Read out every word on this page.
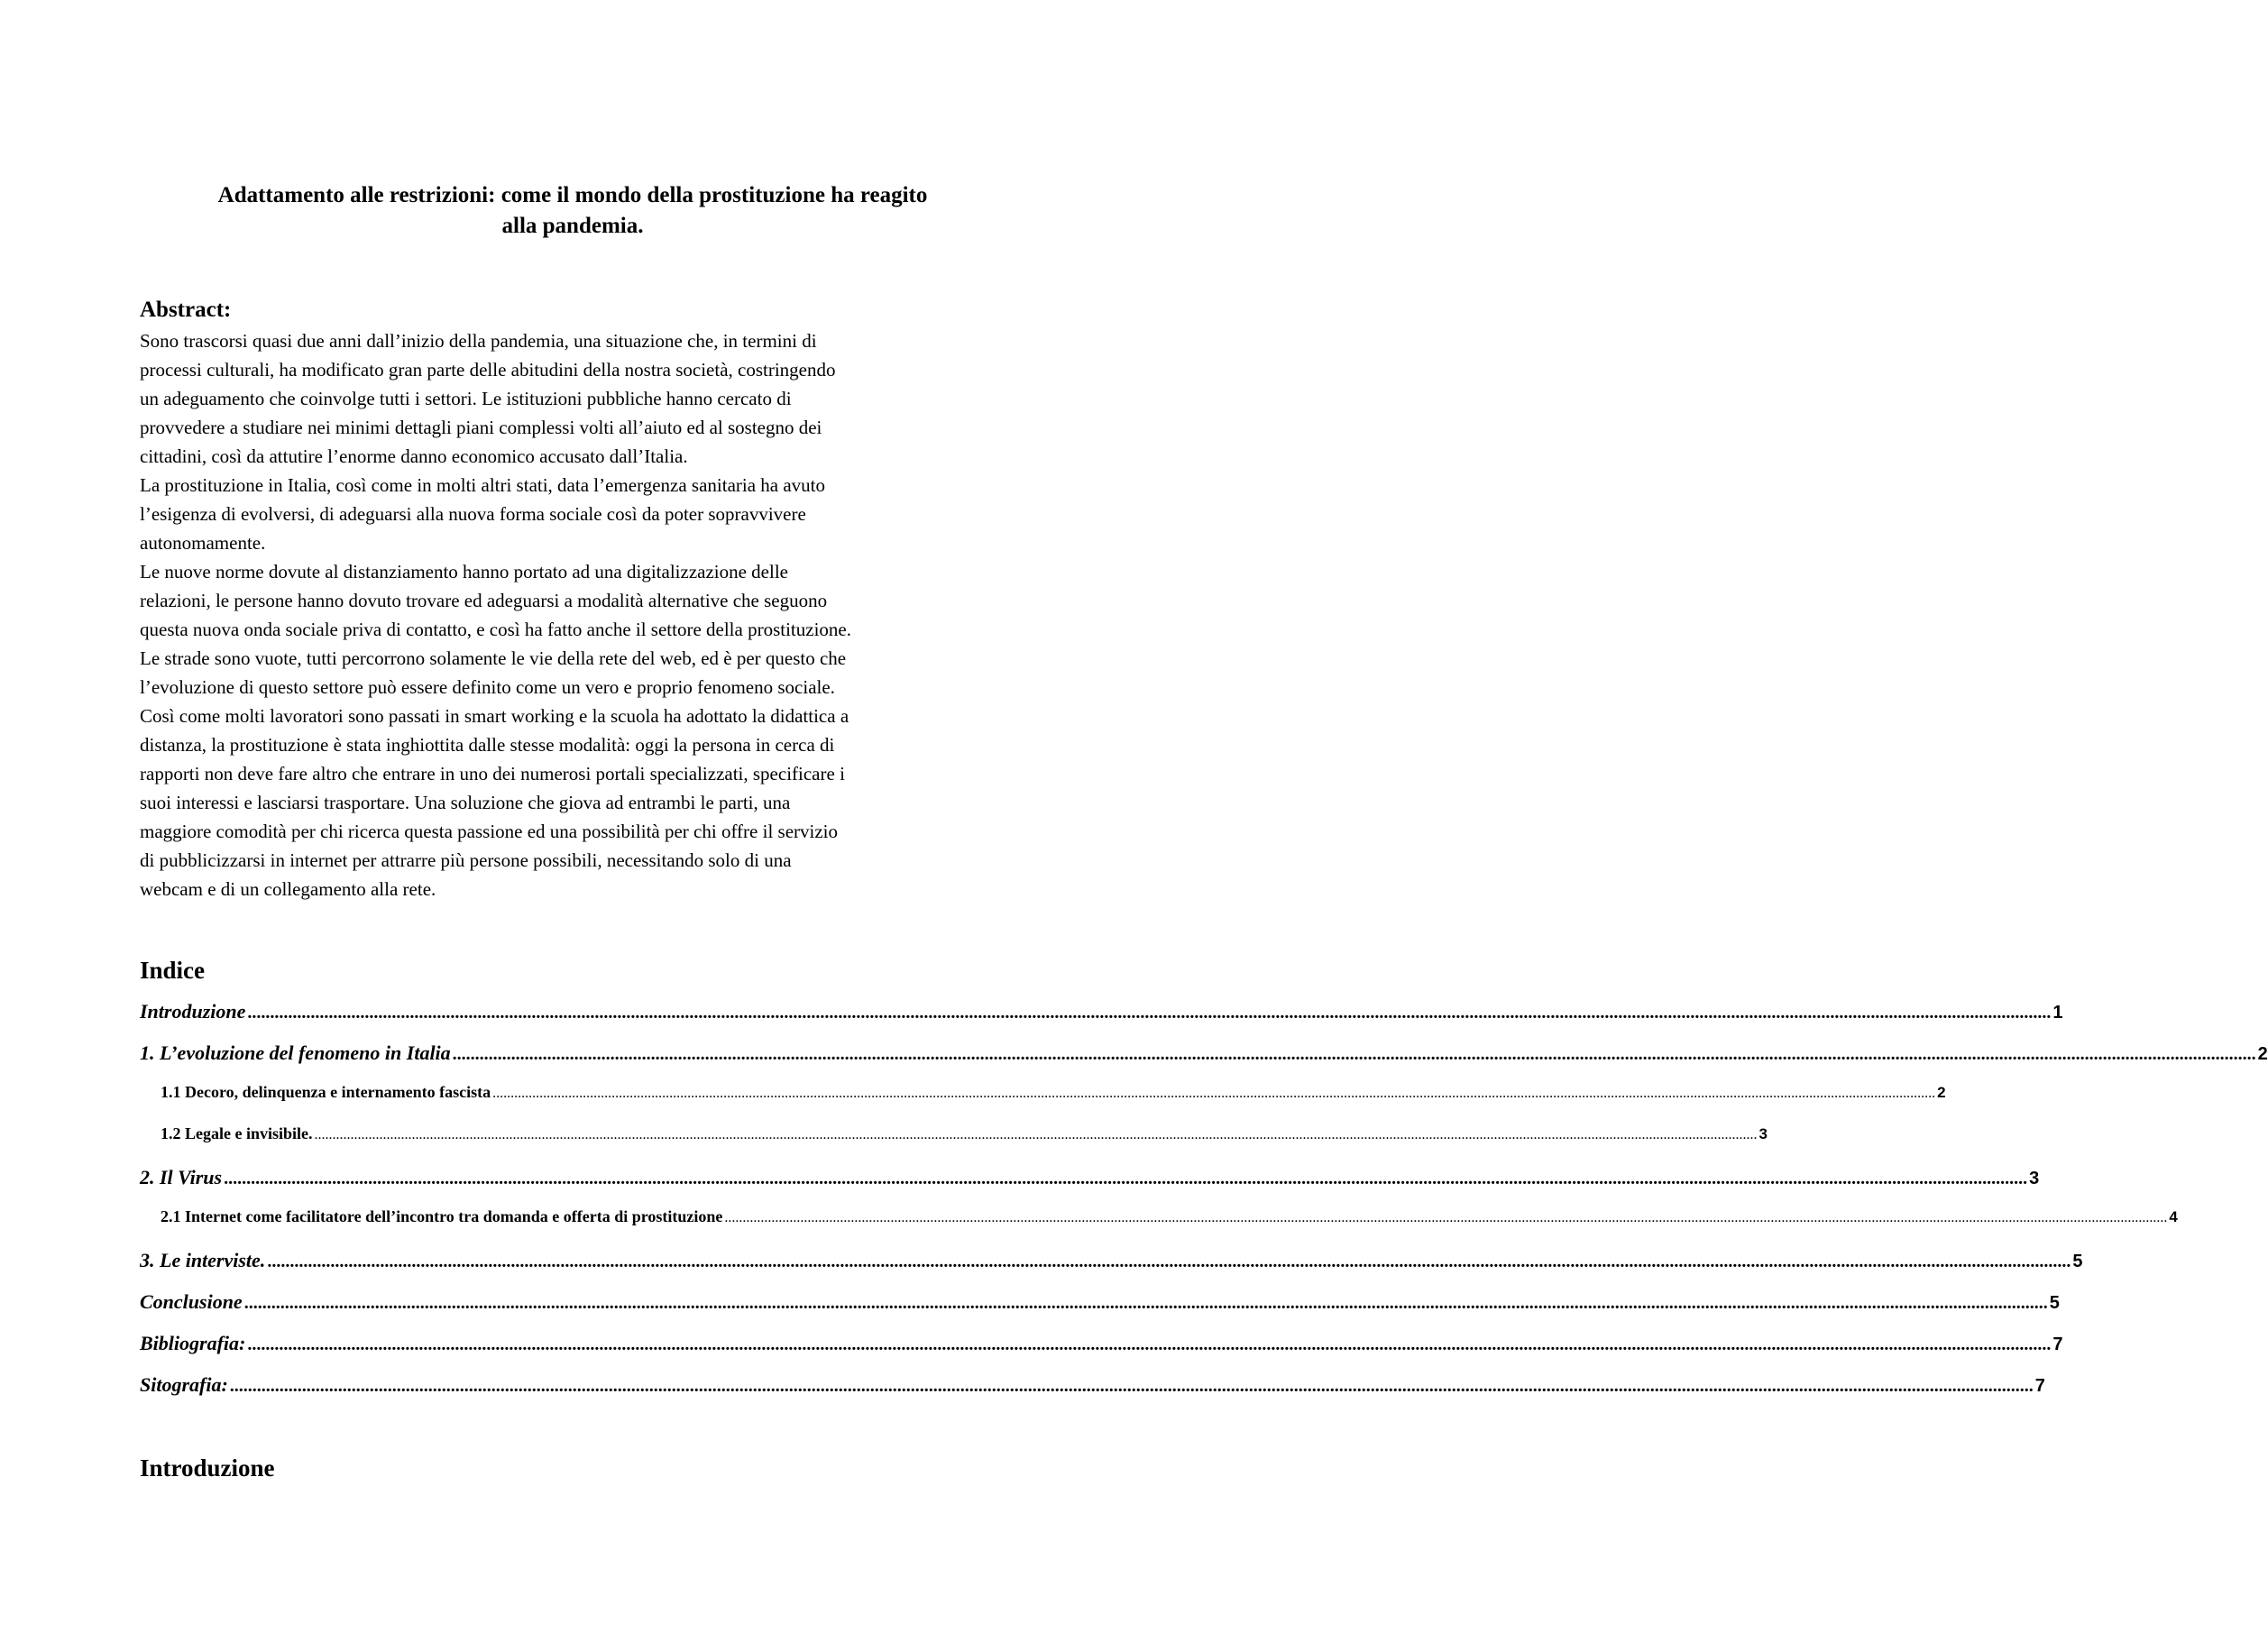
Adattamento alle restrizioni: come il mondo della prostituzione ha reagito
alla pandemia.
Abstract:
Sono trascorsi quasi due anni dall’inizio della pandemia, una situazione che, in termini di
processi culturali, ha modificato gran parte delle abitudini della nostra società, costringendo
un adeguamento che coinvolge tutti i settori. Le istituzioni pubbliche hanno cercato di
provvedere a studiare nei minimi dettagli piani complessi volti all’aiuto ed al sostegno dei
cittadini, così da attutire l’enorme danno economico accusato dall’Italia.
La prostituzione in Italia, così come in molti altri stati, data l’emergenza sanitaria ha avuto
l’esigenza di evolversi, di adeguarsi alla nuova forma sociale così da poter sopravvivere
autonomamente.
Le nuove norme dovute al distanziamento hanno portato ad una digitalizzazione delle
relazioni, le persone hanno dovuto trovare ed adeguarsi a modalità alternative che seguono
questa nuova onda sociale priva di contatto, e così ha fatto anche il settore della prostituzione.
Le strade sono vuote, tutti percorrono solamente le vie della rete del web, ed è per questo che
l’evoluzione di questo settore può essere definito come un vero e proprio fenomeno sociale.
Così come molti lavoratori sono passati in smart working e la scuola ha adottato la didattica a
distanza, la prostituzione è stata inghiottita dalle stesse modalità: oggi la persona in cerca di
rapporti non deve fare altro che entrare in uno dei numerosi portali specializzati, specificare i
suoi interessi e lasciarsi trasportare. Una soluzione che giova ad entrambi le parti, una
maggiore comodità per chi ricerca questa passione ed una possibilità per chi offre il servizio
di pubblicizzarsi in internet per attrarre più persone possibili, necessitando solo di una
webcam e di un collegamento alla rete.
Indice
Introduzione ................................................................................................................................................................................................................................................................................................................................................................................................................ 1
1. L’evoluzione del fenomeno in Italia ................................................................................................................................................................................................................................................................................................................................................................................................................ 2
1.1 Decoro, delinquenza e internamento fascista ................................................................................................................................................................................................................................................................................................................................................................................................................ 2
1.2 Legale e invisibile. ................................................................................................................................................................................................................................................................................................................................................................................................................ 3
2. Il Virus ................................................................................................................................................................................................................................................................................................................................................................................................................ 3
2.1 Internet come facilitatore dell’incontro tra domanda e offerta di prostituzione ................................................................................................................................................................................................................................................................................................................................................................................................................ 4
3. Le interviste. ................................................................................................................................................................................................................................................................................................................................................................................................................ 5
Conclusione ................................................................................................................................................................................................................................................................................................................................................................................................................ 5
Bibliografia: ................................................................................................................................................................................................................................................................................................................................................................................................................ 7
Sitografia: ................................................................................................................................................................................................................................................................................................................................................................................................................ 7
Introduzione
